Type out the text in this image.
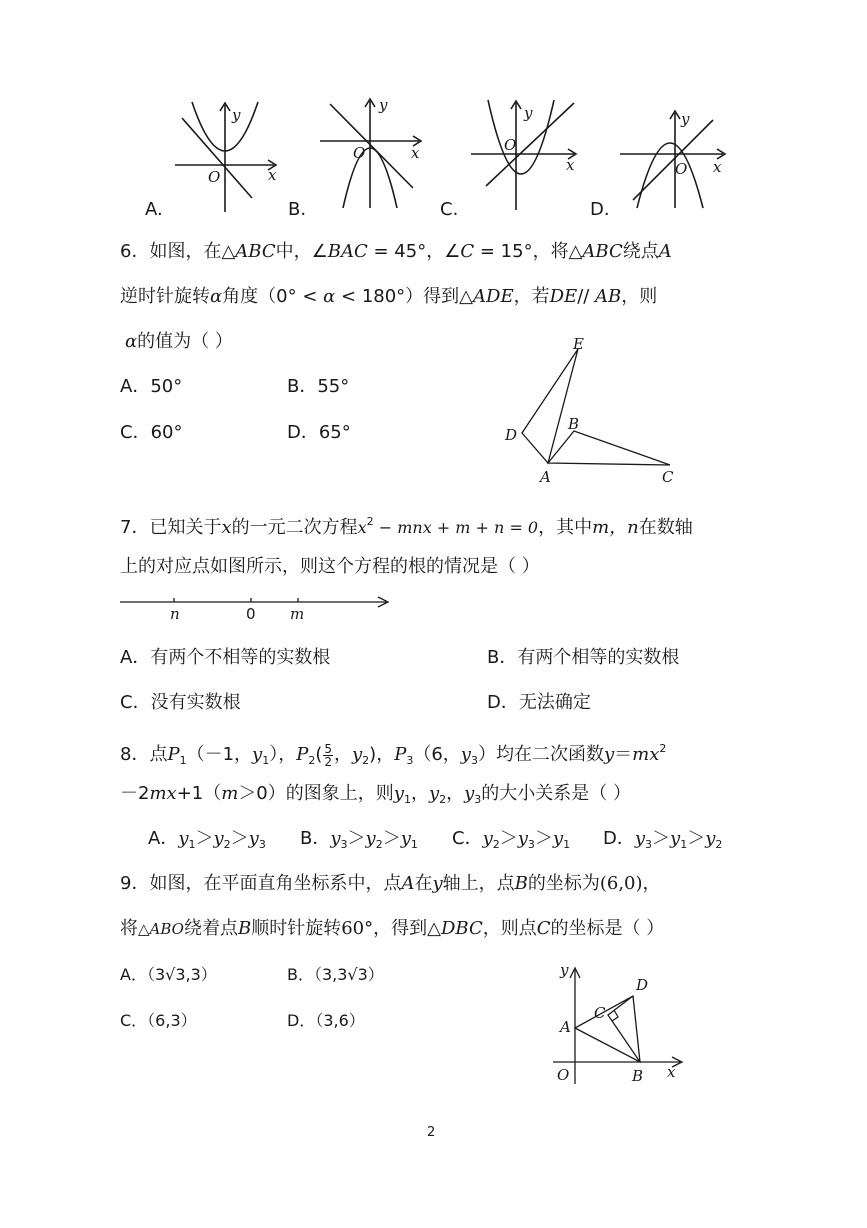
y
x
O
y
x
O
y
x
O
y
x
O
A.	B.	C.	D.
6．如图，在△ABC中，∠BAC = 45°，∠C = 15°，将△ABC绕点A
逆时针旋转α角度（0° < α < 180°）得到△ADE，若DE// AB，则
α的值为（ ）
A．50°	B．55°
C．60°	D．65°
E
D
B
A	C
7．已知关于x的一元二次方程$x^2$ − mnx + m + n = 0，其中m，n在数轴
上的对应点如图所示，则这个方程的根的情况是（ ）
n	0 m
A．有两个不相等的实数根	B．有两个相等的实数根
C．没有实数根	D．无法确定
8．点$P_1(-1$，$y_1$），$P_2( \frac{5}{2}$ ，$y_2$)，$P_3(6$，$y_3$）均在二次函数$y=mx^2$
－2mx+1（m＞0）的图象上，则$y_1$，$y_2$，$y_3$的大小关系是（ ）
A．$y_1>y_2>y_3$ B．$y_3>y_2>y_1$ C．$y_2>y_3>y_1$ D．$y_3>y_1>y_2$
9．如图，在平面直角坐标系中，点A在y轴上，点B的坐标为(6,0)，
将△ABO绕着点B顺时针旋转60°，得到△DBC，则点C的坐标是（ ）
A．（3√3,3）	B．（3,3√3）
C．（6,3）	D．（3,6）
y
x
O
A
B
C
D
2
